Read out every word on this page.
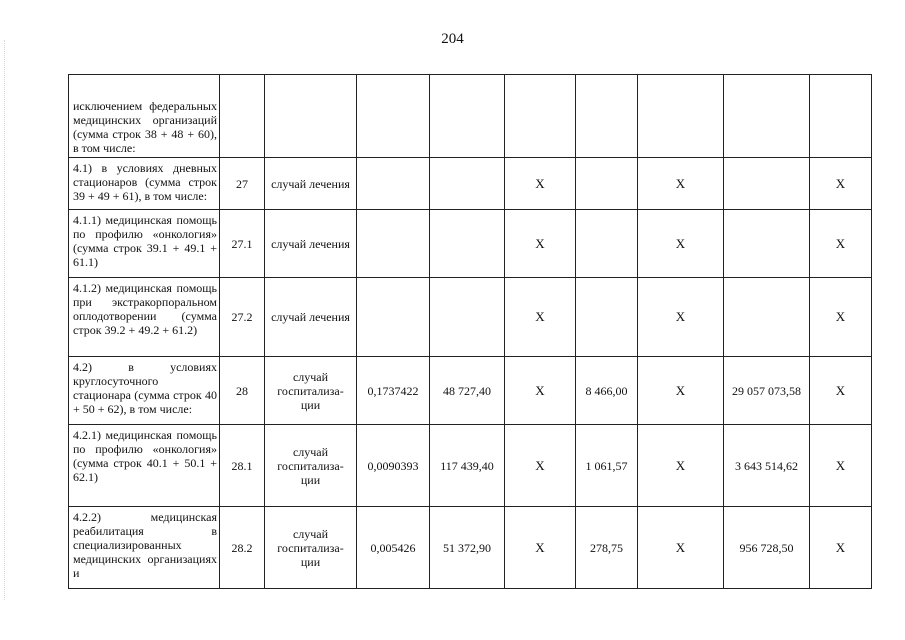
204
исключением федеральных медицинских организаций (сумма строк 38 + 48 + 60), в том числе:									
4.1) в условиях дневных стационаров (сумма строк 39 + 49 + 61), в том числе:	27	случай лечения			X		X		X
4.1.1) медицинская помощь по профилю «онкология» (сумма строк 39.1 + 49.1 + 61.1)	27.1	случай лечения			X		X		X
4.1.2) медицинская помощь при экстракорпоральном оплодотворении (сумма строк 39.2 + 49.2 + 61.2)	27.2	случай лечения			X		X		X
4.2) в условиях круглосуточного стационара (сумма строк 40 + 50 + 62), в том числе:	28	случай госпитализа-ции	0,1737422	48 727,40	X	8 466,00	X	29 057 073,58	X
4.2.1) медицинская помощь по профилю «онкология» (сумма строк 40.1 + 50.1 + 62.1)	28.1	случай госпитализа-ции	0,0090393	117 439,40	X	1 061,57	X	3 643 514,62	X
4.2.2) медицинская реабилитация в специализированных медицинских организациях и	28.2	случай госпитализа-ции	0,005426	51 372,90	X	278,75	X	956 728,50	X
